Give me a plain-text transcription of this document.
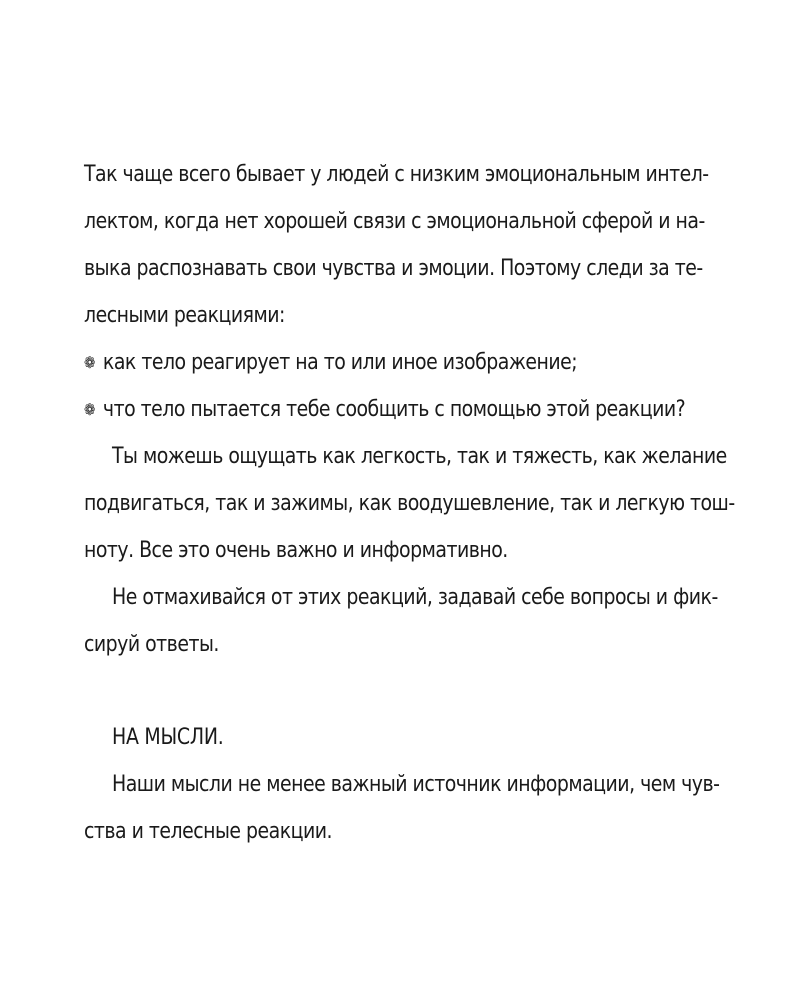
Так чаще всего бывает у людей с низким эмоциональным интел-
лектом, когда нет хорошей связи с эмоциональной сферой и на-
выка распознавать свои чувства и эмоции. Поэтому следи за те-
лесными реакциями:
❁ как тело реагирует на то или иное изображение;
❁ что тело пытается тебе сообщить с помощью этой реакции?
Ты можешь ощущать как легкость, так и тяжесть, как желание
подвигаться, так и зажимы, как воодушевление, так и легкую тош-
ноту. Все это очень важно и информативно.
Не отмахивайся от этих реакций, задавай себе вопросы и фик-
сируй ответы.
НА МЫСЛИ.
Наши мысли не менее важный источник информации, чем чув-
ства и телесные реакции.
